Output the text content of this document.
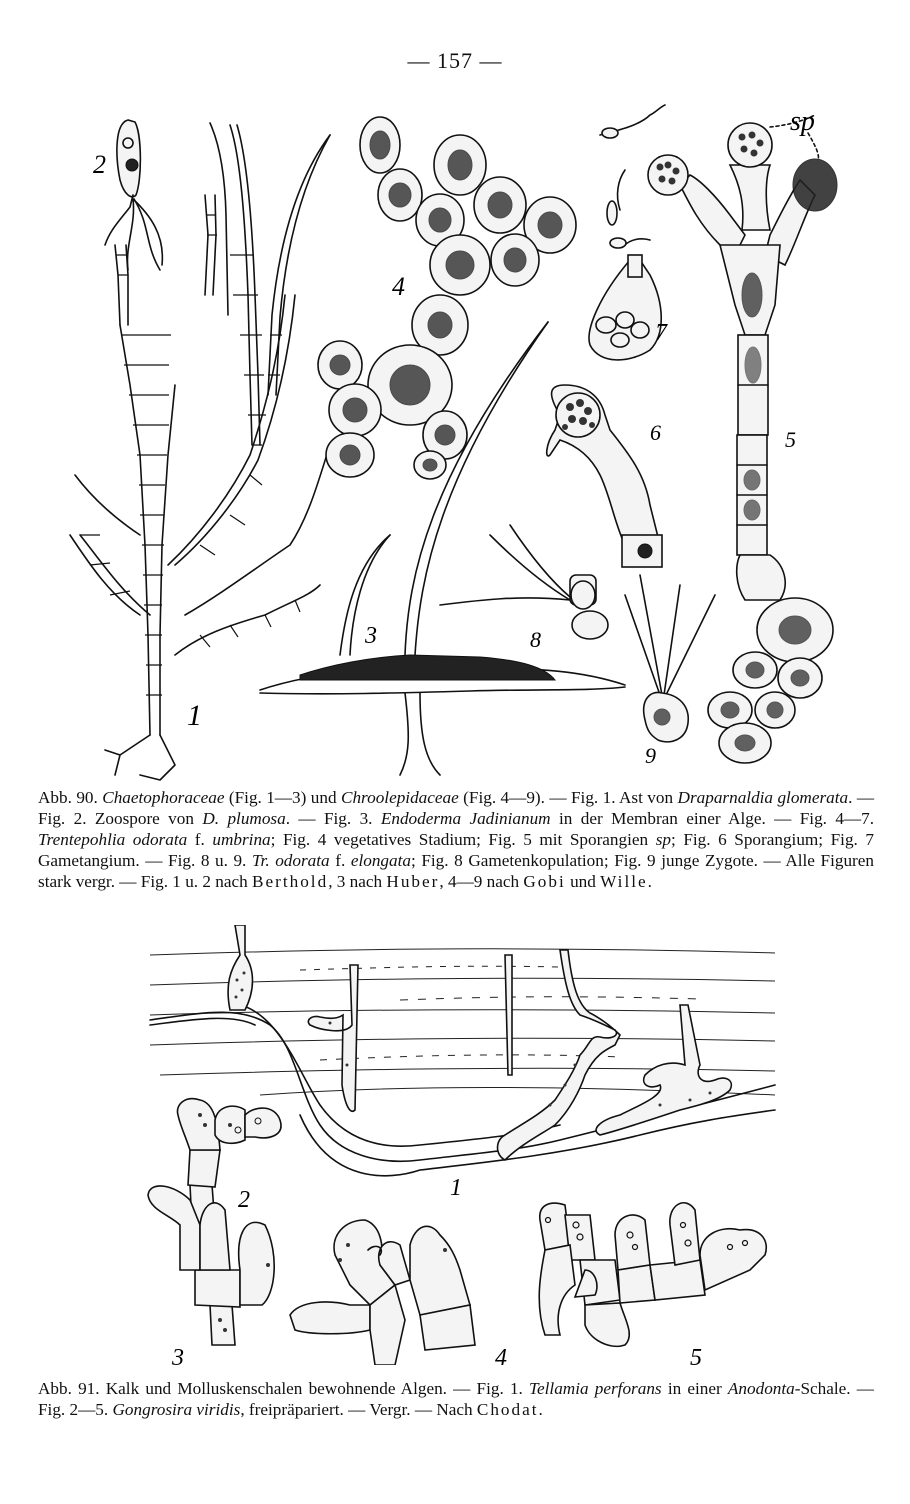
— 157 —
2
1
4
3
7
6
8
9
sp
5

Abb. 90. Chaetophoraceae (Fig. 1—3) und Chroolepidaceae (Fig. 4—9). — Fig. 1. Ast von Draparnaldia glomerata. — Fig. 2. Zoospore von D. plumosa. — Fig. 3. Endoderma Jadinianum in der Membran einer Alge. — Fig. 4—7. Trentepohlia odorata f. umbrina; Fig. 4 vegetatives Stadium; Fig. 5 mit Sporangien sp; Fig. 6 Sporangium; Fig. 7 Gametangium. — Fig. 8 u. 9. Tr. odorata f. elongata; Fig. 8 Gametenkopulation; Fig. 9 junge Zygote. — Alle Figuren stark vergr. — Fig. 1 u. 2 nach Berthold, 3 nach Huber, 4—9 nach Gobi und Wille.

1
2
3	4	5

Abb. 91. Kalk und Molluskenschalen bewohnende Algen. — Fig. 1. Tellamia perforans in einer Anodonta-Schale. — Fig. 2—5. Gongrosira viridis, freipräpariert. — Vergr. — Nach Chodat.
